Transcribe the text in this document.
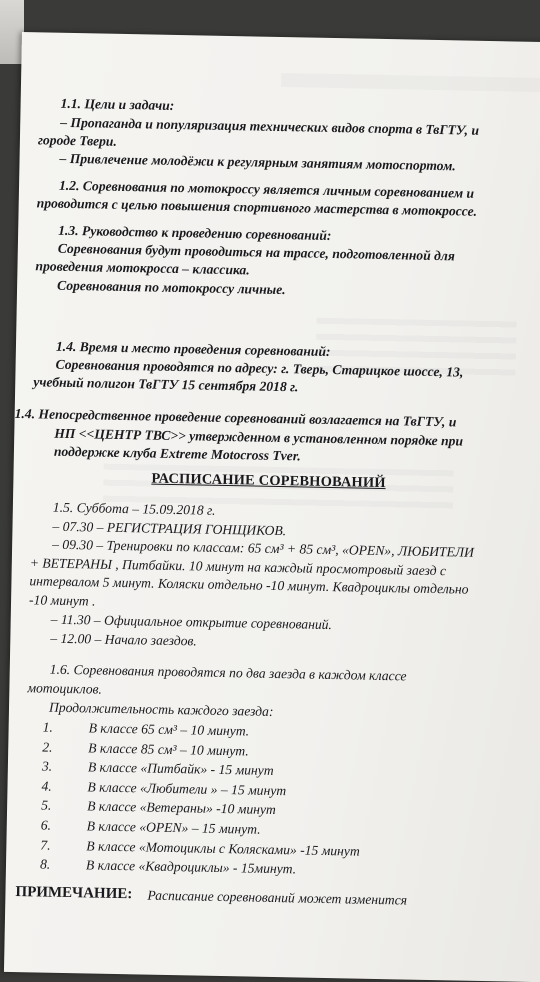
1.1. Цели и задачи:
– Пропаганда и популяризация технических видов спорта в ТвГТУ, и
городе Твери.
– Привлечение молодёжи к регулярным занятиям мотоспортом.
1.2. Соревнования по мотокроссу является личным соревнованием и
проводится с целью повышения спортивного мастерства в мотокроссе.
1.3. Руководство к проведению соревнований:
Соревнования будут проводиться на трассе, подготовленной для
проведения мотокросса – классика.
Соревнования по мотокроссу личные.
1.4. Время и место проведения соревнований:
Соревнования проводятся по адресу: г. Тверь, Старицкое шоссе, 13,
учебный полигон ТвГТУ 15 сентября 2018 г.
1.4. Непосредственное проведение соревнований возлагается на ТвГТУ, и
НП <<ЦЕНТР ТВС>> утвержденном в установленном порядке при
поддержке клуба Extreme Motocross Tver.
РАСПИСАНИЕ СОРЕВНОВАНИЙ
1.5. Суббота – 15.09.2018 г.
– 07.30 – РЕГИСТРАЦИЯ ГОНЩИКОВ.
– 09.30 – Тренировки по классам: 65 см³ + 85 см³, «OPEN», ЛЮБИТЕЛИ
+ ВЕТЕРАНЫ , Питбайки. 10 минут на каждый просмотровый заезд с
интервалом 5 минут. Коляски отдельно -10 минут. Квадроциклы отдельно
-10 минут .
– 11.30 – Официальное открытие соревнований.
– 12.00 – Начало заездов.
1.6. Соревнования проводятся по два заезда в каждом классе
мотоциклов.
Продолжительность каждого заезда:
1.	В классе 65 см³ – 10 минут.
2.	В классе 85 см³ – 10 минут.
3.	В классе «Питбайк» - 15 минут
4.	В классе «Любители » – 15 минут
5.	В классе «Ветераны» -10 минут
6.	В классе «OPEN» – 15 минут.
7.	В классе «Мотоциклы с Колясками» -15 минут
8.	В классе «Квадроциклы» - 15минут.
ПРИМЕЧАНИЕ: Расписание соревнований может изменится
